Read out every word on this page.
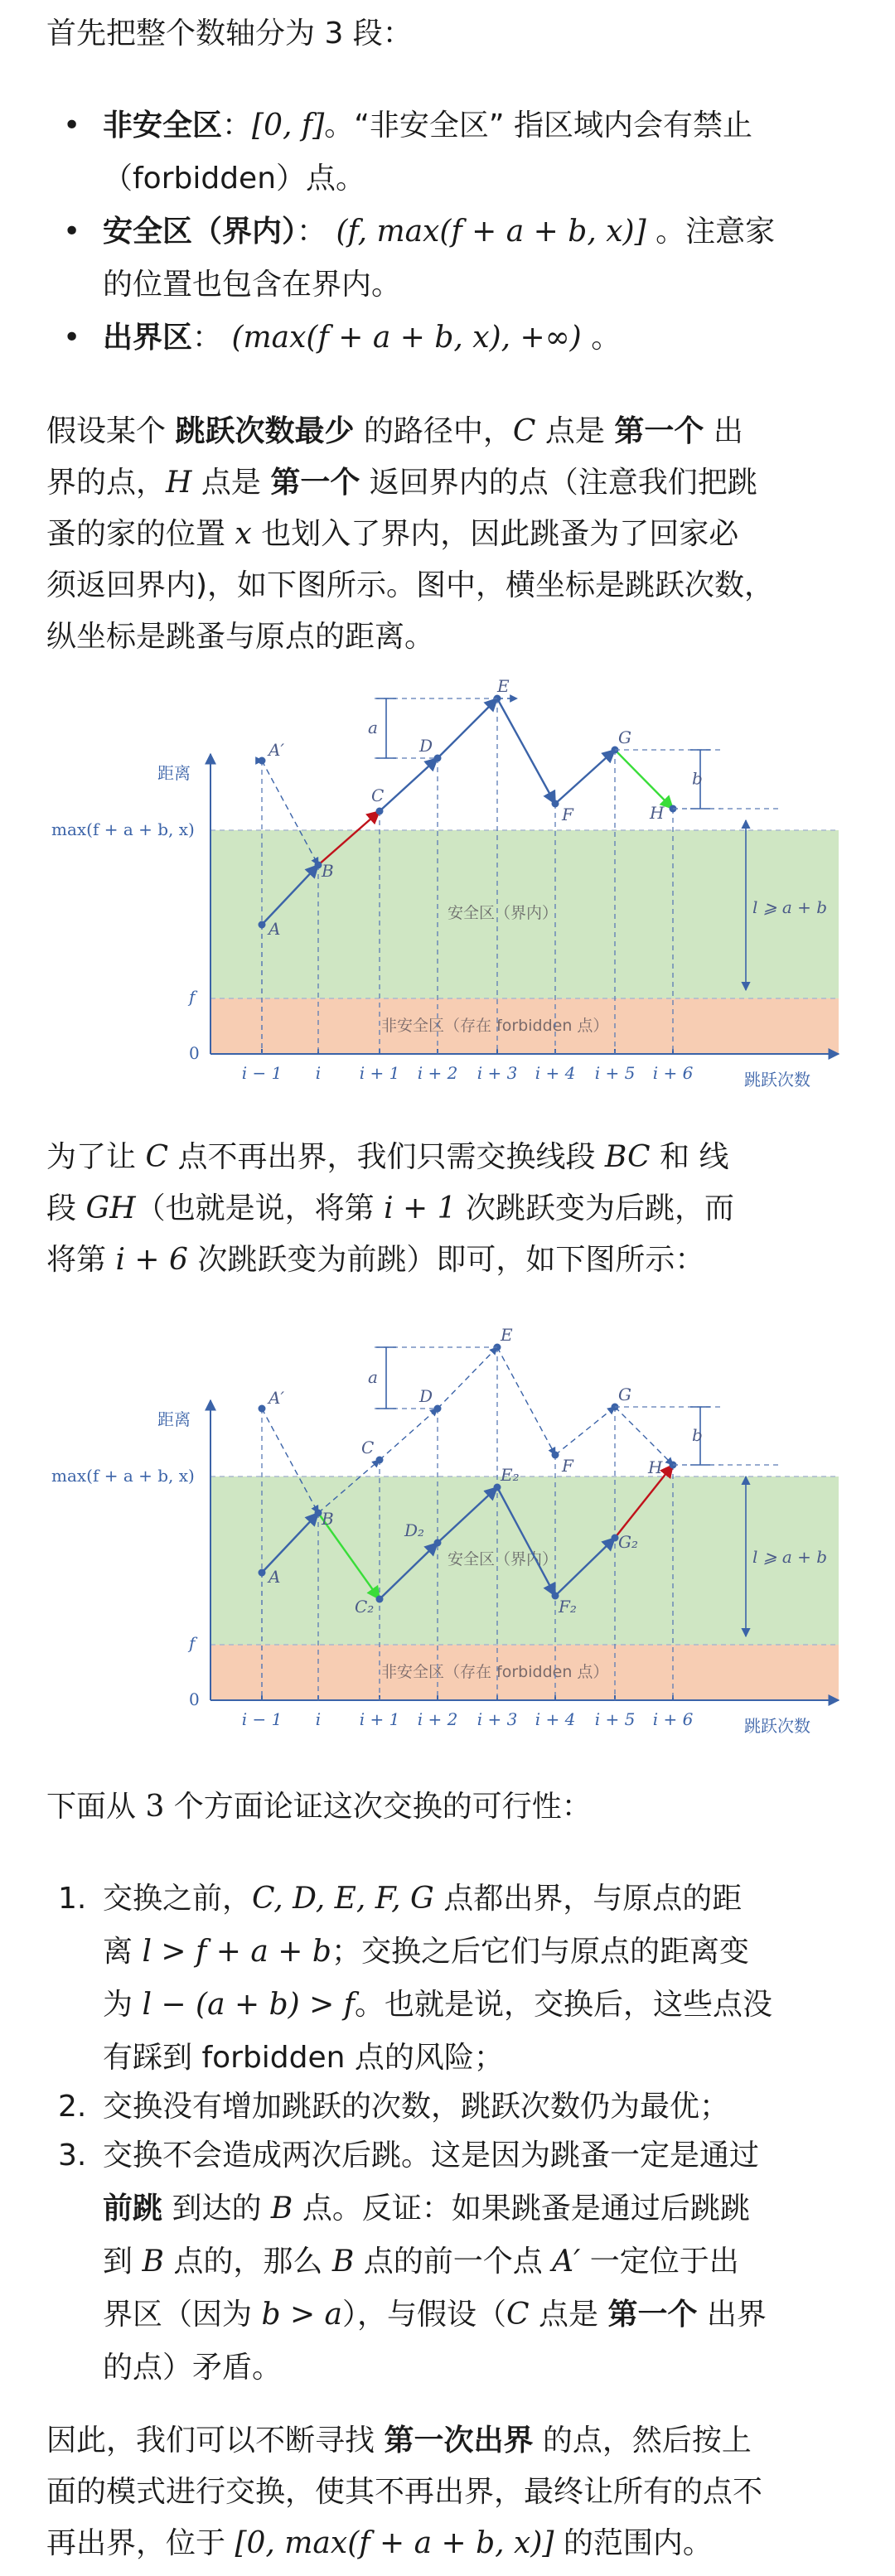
首先把整个数轴分为 3 段：

• 非安全区：[0, f]。“非安全区” 指区域内会有禁止
（forbidden）点。
• 安全区（界内）： (f, max(f + a + b, x)] 。注意家
的位置也包含在界内。
• 出界区： (max(f + a + b, x), +∞) 。

假设某个 跳跃次数最少 的路径中，C 点是 第一个 出
界的点，H 点是 第一个 返回界内的点（注意我们把跳
蚤的家的位置 x 也划入了界内，因此跳蚤为了回家必
须返回界内)，如下图所示。图中，横坐标是跳跃次数，
纵坐标是跳蚤与原点的距离。

距离
跳跃次数
max(f + a + b, x)
f
0
安全区（界内）
非安全区（存在 forbidden 点）
i − 1 i i + 1 i + 2 i + 3 i + 4 i + 5 i + 6
A
A′
B
C
D
E
F
G
H
a
b
l ⩾ a + b

为了让 C 点不再出界，我们只需交换线段 BC 和 线
段 GH（也就是说，将第 i + 1 次跳跃变为后跳，而
将第 i + 6 次跳跃变为前跳）即可，如下图所示：

距离
跳跃次数
max(f + a + b, x)
f
0
安全区（界内）
非安全区（存在 forbidden 点）
i − 1 i i + 1 i + 2 i + 3 i + 4 i + 5 i + 6
A
A′
B
C
D
E
F
G
H
C₂
D₂
E₂
F₂
G₂
a
b
l ⩾ a + b

下面从 3 个方面论证这次交换的可行性：

1. 交换之前，C, D, E, F, G 点都出界，与原点的距
离 l > f + a + b；交换之后它们与原点的距离变
为 l − (a + b) > f。也就是说，交换后，这些点没
有踩到 forbidden 点的风险；
2. 交换没有增加跳跃的次数，跳跃次数仍为最优；
3. 交换不会造成两次后跳。这是因为跳蚤一定是通过
前跳 到达的 B 点。反证：如果跳蚤是通过后跳跳
到 B 点的，那么 B 点的前一个点 A′ 一定位于出
界区（因为 b > a），与假设（C 点是 第一个 出界
的点）矛盾。

因此，我们可以不断寻找 第一次出界 的点，然后按上
面的模式进行交换，使其不再出界，最终让所有的点不
再出界，位于 [0, max(f + a + b, x)] 的范围内。
